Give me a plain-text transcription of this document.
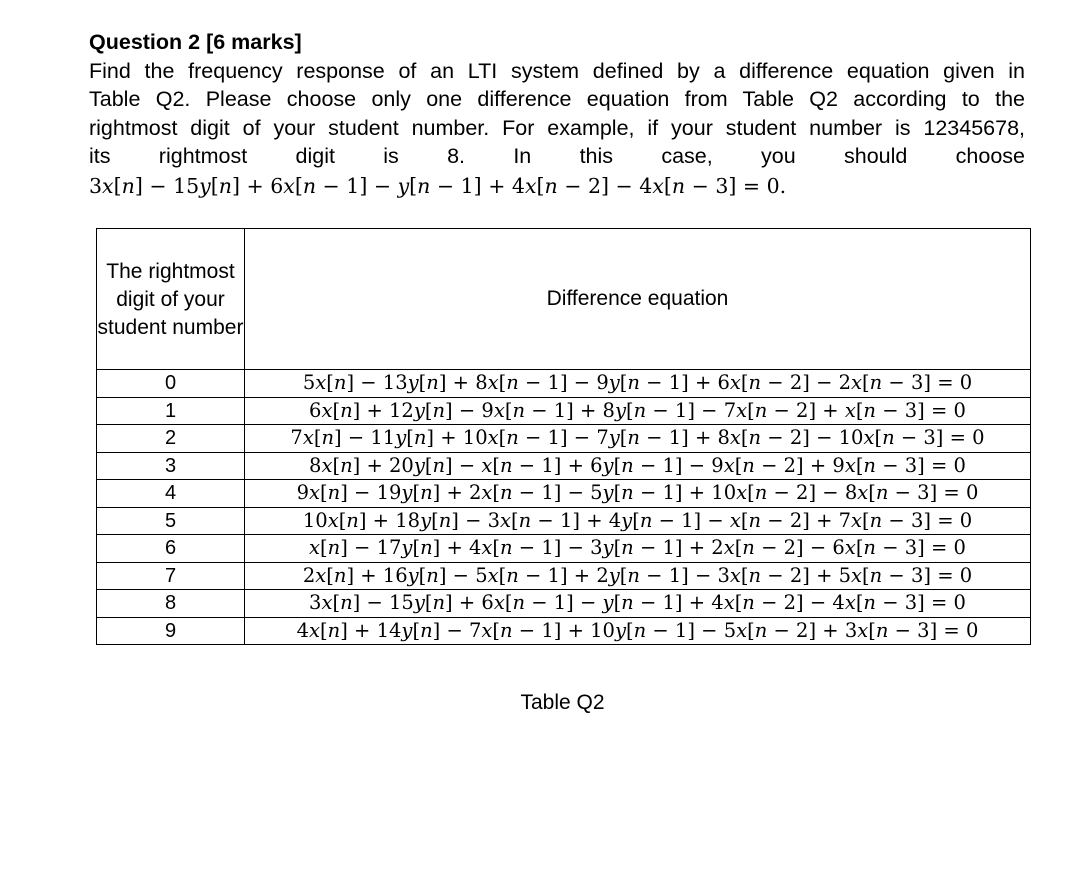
Question 2 [6 marks]
Find the frequency response of an LTI system defined by a difference equation given in
Table Q2. Please choose only one difference equation from Table Q2 according to the
rightmost digit of your student number. For example, if your student number is 12345678,
its rightmost digit is 8. In this case, you should choose
3x[n] − 15y[n] + 6x[n − 1] − y[n − 1] + 4x[n − 2] − 4x[n − 3] = 0.
The rightmost digit of your student number	Difference equation
0	5x[n] − 13y[n] + 8x[n − 1] − 9y[n − 1] + 6x[n − 2] − 2x[n − 3] = 0
1	6x[n] + 12y[n] − 9x[n − 1] + 8y[n − 1] − 7x[n − 2] + x[n − 3] = 0
2	7x[n] − 11y[n] + 10x[n − 1] − 7y[n − 1] + 8x[n − 2] − 10x[n − 3] = 0
3	8x[n] + 20y[n] − x[n − 1] + 6y[n − 1] − 9x[n − 2] + 9x[n − 3] = 0
4	9x[n] − 19y[n] + 2x[n − 1] − 5y[n − 1] + 10x[n − 2] − 8x[n − 3] = 0
5	10x[n] + 18y[n] − 3x[n − 1] + 4y[n − 1] − x[n − 2] + 7x[n − 3] = 0
6	x[n] − 17y[n] + 4x[n − 1] − 3y[n − 1] + 2x[n − 2] − 6x[n − 3] = 0
7	2x[n] + 16y[n] − 5x[n − 1] + 2y[n − 1] − 3x[n − 2] + 5x[n − 3] = 0
8	3x[n] − 15y[n] + 6x[n − 1] − y[n − 1] + 4x[n − 2] − 4x[n − 3] = 0
9	4x[n] + 14y[n] − 7x[n − 1] + 10y[n − 1] − 5x[n − 2] + 3x[n − 3] = 0
Table Q2
